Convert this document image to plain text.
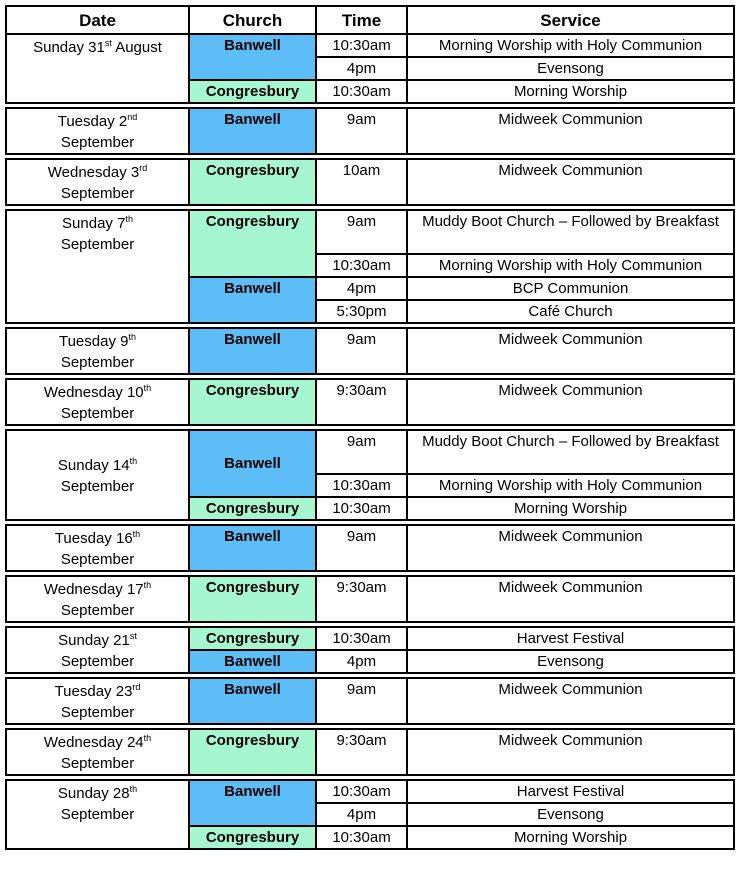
Date	Church	Time	Service
Sunday 31st August	Banwell	10:30am	Morning Worship with Holy Communion
		4pm	Evensong
	Congresbury	10:30am	Morning Worship

Tuesday 2nd
September	Banwell	9am	Midweek Communion

Wednesday 3rd
September	Congresbury	10am	Midweek Communion

Sunday 7th
September	Congresbury	9am	Muddy Boot Church – Followed by Breakfast
		10:30am	Morning Worship with Holy Communion
	Banwell	4pm	BCP Communion
		5:30pm	Café Church

Tuesday 9th
September	Banwell	9am	Midweek Communion

Wednesday 10th
September	Congresbury	9:30am	Midweek Communion

Sunday 14th
September	Banwell	9am	Muddy Boot Church – Followed by Breakfast
		10:30am	Morning Worship with Holy Communion
	Congresbury	10:30am	Morning Worship

Tuesday 16th
September	Banwell	9am	Midweek Communion

Wednesday 17th
September	Congresbury	9:30am	Midweek Communion

Sunday 21st
September	Congresbury	10:30am	Harvest Festival
	Banwell	4pm	Evensong

Tuesday 23rd
September	Banwell	9am	Midweek Communion

Wednesday 24th
September	Congresbury	9:30am	Midweek Communion

Sunday 28th
September	Banwell	10:30am	Harvest Festival
		4pm	Evensong
	Congresbury	10:30am	Morning Worship
